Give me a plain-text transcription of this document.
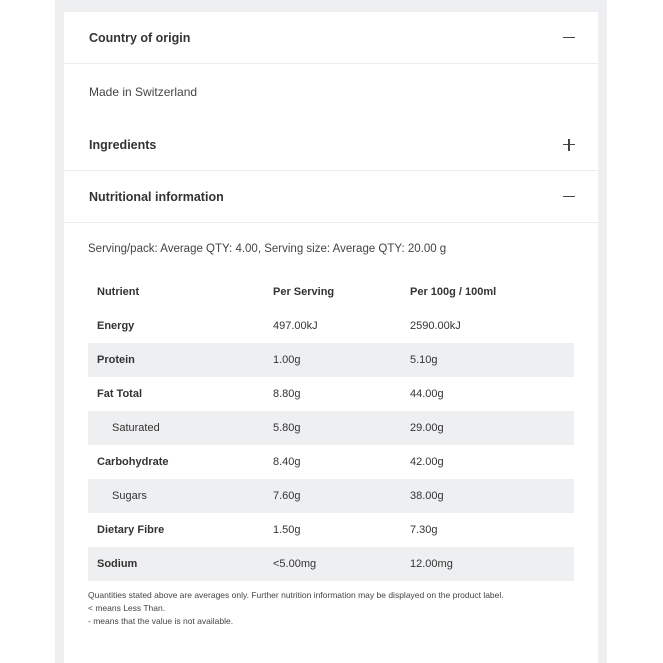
Country of origin
Made in Switzerland
Ingredients
Nutritional information
Serving/pack: Average QTY: 4.00, Serving size: Average QTY: 20.00 g
Nutrient	Per Serving	Per 100g / 100ml
Energy	497.00kJ	2590.00kJ
Protein	1.00g	5.10g
Fat Total	8.80g	44.00g
Saturated	5.80g	29.00g
Carbohydrate	8.40g	42.00g
Sugars	7.60g	38.00g
Dietary Fibre	1.50g	7.30g
Sodium	<5.00mg	12.00mg
Quantities stated above are averages only. Further nutrition information may be displayed on the product label.
< means Less Than.
- means that the value is not available.
